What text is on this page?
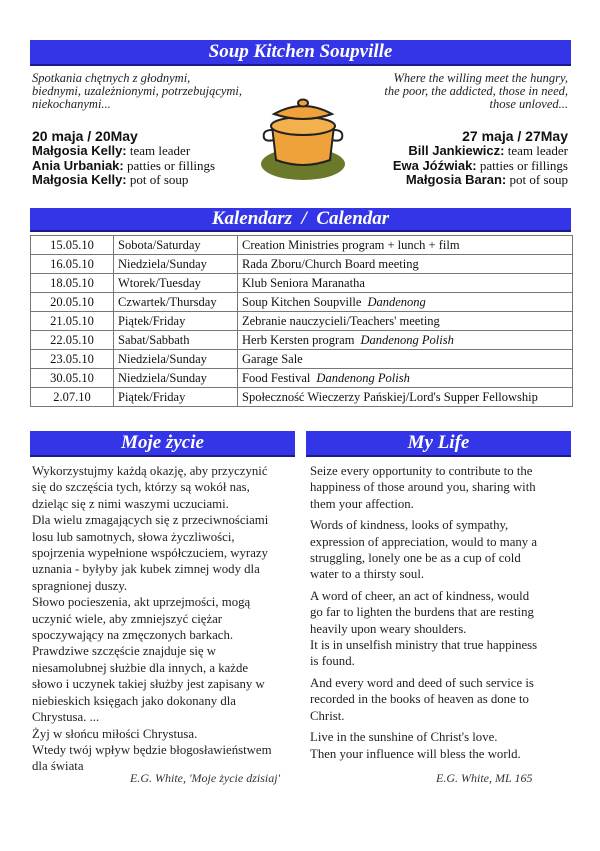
Soup Kitchen Soupville
Spotkania chętnych z głodnymi,
biednymi, uzależnionymi, potrzebującymi,
niekochanymi...
Where the willing meet the hungry,
the poor, the addicted, those in need,
those unloved...
20 maja / 20May
Małgosia Kelly: team leader
Ania Urbaniak: patties or fillings
Małgosia Kelly: pot of soup
27 maja / 27May
Bill Jankiewicz: team leader
Ewa Jóźwiak: patties or fillings
Małgosia Baran: pot of soup
Kalendarz  /  Calendar
15.05.10	Sobota/Saturday	Creation Ministries program + lunch + film
16.05.10	Niedziela/Sunday	Rada Zboru/Church Board meeting
18.05.10	Wtorek/Tuesday	Klub Seniora Maranatha
20.05.10	Czwartek/Thursday	Soup Kitchen Soupville Dandenong
21.05.10	Piątek/Friday	Zebranie nauczycieli/Teachers' meeting
22.05.10	Sabat/Sabbath	Herb Kersten program Dandenong Polish
23.05.10	Niedziela/Sunday	Garage Sale
30.05.10	Niedziela/Sunday	Food Festival Dandenong Polish
2.07.10	Piątek/Friday	Społeczność Wieczerzy Pańskiej/Lord's Supper Fellowship
Moje życie	My Life
Wykorzystujmy każdą okazję, aby przyczynić
się do szczęścia tych, którzy są wokół nas,
dzieląc się z nimi waszymi uczuciami.
Dla wielu zmagających się z przeciwnościami
losu lub samotnych, słowa życzliwości,
spojrzenia wypełnione współczuciem, wyrazy
uznania - byłyby jak kubek zimnej wody dla
spragnionej duszy.
Słowo pocieszenia, akt uprzejmości, mogą
uczynić wiele, aby zmniejszyć ciężar
spoczywający na zmęczonych barkach.
Prawdziwe szczęście znajduje się w
niesamolubnej służbie dla innych, a każde
słowo i uczynek takiej służby jest zapisany w
niebieskich księgach jako dokonany dla
Chrystusa. ...
Żyj w słońcu miłości Chrystusa.
Wtedy twój wpływ będzie błogosławieństwem
dla świata

Seize every opportunity to contribute to the
happiness of those around you, sharing with
them your affection.

Words of kindness, looks of sympathy,
expression of appreciation, would to many a
struggling, lonely one be as a cup of cold
water to a thirsty soul.

A word of cheer, an act of kindness, would
go far to lighten the burdens that are resting
heavily upon weary shoulders.
It is in unselfish ministry that true happiness
is found.

And every word and deed of such service is
recorded in the books of heaven as done to
Christ.

Live in the sunshine of Christ's love.
Then your influence will bless the world.

E.G. White, 'Moje życie dzisiaj'	E.G. White, ML 165
